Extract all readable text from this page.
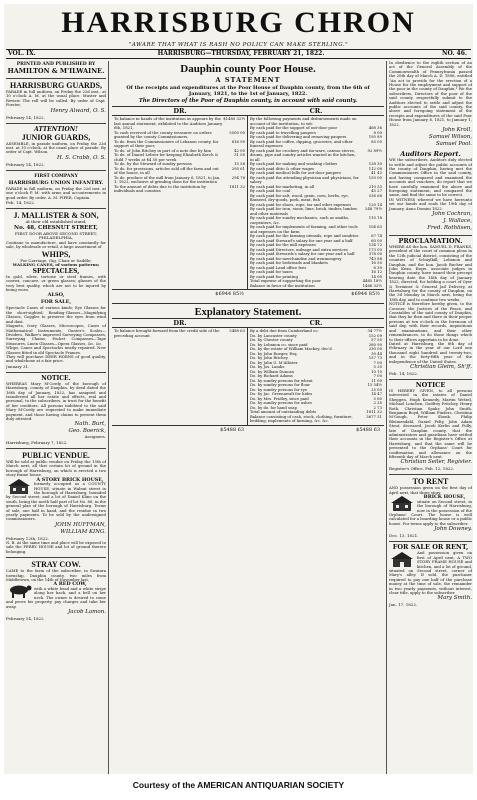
HARRISBURG CHRON
"AWARE THAT WHAT IS RASH NO POLICY CAN MAKE STERLING."
VOL. IX.	HARRISBURG—THURSDAY, FEBRUARY 21, 1822.	NO. 46.
PRINTED AND PUBLISHED BY
HAMILTON & M'ILWAINE.
HARRISBURG GUARDS,
PARADE in full uniform, on Friday the 22d inst., at 10 o'clock A. M. at the usual place. Muster and Review. The roll will be called. By order of Capt. Forster,
Henry Alward, O. S.
February 14, 1822.
ATTENTION!
JUNIOR GUARDS,
ASSEMBLE, in parade uniform, on Friday the 22d inst. at 10 o'clock, at the usual place of parade. By order of Capt. Wilson,
H. S. Crabb, O. S.
February 14, 1822.
FIRST COMPANY
HARRISBURG UNION INFANTRY.
PARADE in full uniform, on Friday the 22d inst. at one o'clock P. M. with arms and accoutrements in good order. By order, A. M. PIPER, Captain.
Feb. 14, 1822.
J. MALLISTER & SON,
At their old established stand,
No. 48, CHESNUT STREET,
FIRST DOOR ABOVE SECOND STREET, PHILADELPHIA,
Continue to manufacture, and have constantly for sale, by wholesale or retail, a large assortment of
WHIPS,
For Carriage, Gig, Chair or Saddle;
WALKING CANES, of various patterns;
SPECTACLES,
In gold, silver, tortoise or steel frames, with convex, concave, or green glasses; glasses of the very best quality, which are not to be injured by being worn.
ALSO,
FOR SALE,
Spectacle Cases of various kinds; Eye Glasses for the short-sighted, Reading-Glasses—Magnifying Glasses, Goggles to preserve the eyes from wind and dust.
Magnets, Ivory Glasses, Microscopes, Cases of Mathematical Instruments, Gunter's Scales—Dividers, Walker's improved Surveying Compasses, Surveying Chains, Pocket Compasses—Tape Measures, Linen Glasses—Opera Glasses, &c. &c.
Whips, Canes and Spectacles neatly repaired. New Glasses fitted in old Spectacle Frames.
They will purchase DEER HORNS of good quality, and whalebone at a fair price.
January 31.
NOTICE.
WHEREAS Mary M'Cordy, of the borough of Harrisburg, county of Dauphin, by deed dated the 16th day of January, 1822, has assigned and transferred all her estate and effects, real and personal, to the subscribers, in trust for the benefit of her creditors. All persons indebted to the said Mary M'Cordy are requested to make immediate payment, and those having claims to present them duly attested.
Nath. Burt,
Geo. Boerick,
Assignees.
Harrisburg, February 7, 1822.
PUBLIC VENDUE.
Will be sold at public vendue on Friday the 15th of March next, all that certain lot of ground in the borough of Harrisburg, on which is erected a two story frame house.
A STORY BRICK HOUSE,
formerly occupied as a COUNTY HOUSE, situate in Walnut street in the borough of Harrisburg, bounded by Second street, and a lot of Daniel Kline on the south, being the north half part of lot No. 86, in the general plan of the borough of Harrisburg. Terms of sale, one half in hand, and the residue in two yearly payments. To be sold by the undersigned commissioners.
JOHN HUFFMAN,
WILLIAM KING.
February 12th, 1822.
N. B. At the same time and place will be exposed to sale the FERRY HOUSE and lot of ground thereto belonging.
STRAY COW.
CAME to the farm of the subscriber, in Swatara township, Dauphin county, two miles from Middletown, on the 14th of November last,
A RED COW,
with a white head and a white stripe along her back, and a bell on her neck. The owner is desired to come and prove his property, pay charges and take her away.
Jacob Lamon.
February 14, 1822
Dauphin county Poor House.
A STATEMENT
Of the receipts and expenditures at the Poor House of Dauphin county, from the 6th of January, 1821, to the 1st of January, 1822.
The Directors of the Poor of Dauphin county, in account with said county.
DR.	CR.
To balance in hands of the institution as appears by the last annual statement, exhibited to the Auditors January 6th, 1821,
$1485 32½
To cash received of the county treasurer on orders granted by the county Commissioners,
5500 00
To do. from the Commissioners of Lebanon county, for support of their poor,
616 90
To do. of John Ritchey in part of a note due by him	42 00
To do. of Daniel Lebrer for keeping Elizabeth Kerch & child 7 weeks at $4 50 per week
31 50
To do. by the Steward of sundry persons	15 56
To do. for provisions, articles sold off the farm and out of the house, in all
295 61
To do. produce of the mill from January 6, 1821, to Jan. 1, 1822, exclusive of grinding done for the institution
294 76
To the amount of debts due to the institution by individuals and counties
1811 32
By the following payments and disbursements made on account of the institution, to wit:
By cash paid for the support of out-door poor	468 36
By cash paid to travelling paupers	8 00
By cash paid for delivering and removing paupers	195 89
By cash paid for coffee, dipping, groceries, and other funeral expenses
85 00
By cash paid for crockery and tin-ware, canvas stoves, drums, pipe and sundry articles wanted in the kitchen, in all
92 89½
By cash paid for making and washing clothes	128 30
By cash paid ditto & other wages	112 08
By cash paid medical bills for out-door paupers	41 43
By cash paid the attending physician and physicians, for salary
150 00
By cash paid for marketing, in all	210 33
By cash paid for coal	45 27
By cash paid for salt, wood, grain, corn, herbs, rye, flaxseed, dry-goods, pork, meat, fish
536 68
By cash paid for shoes, rope, tar and other expenses	120 14
By cash paid for iron, stone, lime, brick, timber, lumber, and other materials
248 79½
By cash paid for sundry mechanics, such as smiths, carpenters, &c.
110 18
By cash paid for implements of farming, and other tools and expenses on the farm
104 63
By cash paid for the farming utensils, rope and sundries	67 74
By cash paid Steward's salary for one year and a half	60 00
By cash paid for the mill expenses	134 72
By cash paid Directors, mileage and extra services	173 00
By cash paid Stewards's salary for one year and a half	378 00
By cash paid for merchandise and ironmongery	743 88
By cash paid for bedsteads and blankets	16 50
By cash paid Land office fees	6 30
By cash paid for taxes	16 12
By cash paid for printing	14 00
Total expense of supporting the poor	4465 18½
Balance in favor of the institution	1466 32½
$6944 85½	$6944 85½
Explanatory Statement.
DR.	CR.
To balance brought forward from the credit side of the preceding account.
5488 63 By a debt due from Cumberland co.	34 77½
Do. by Lancaster county	152 09
Do. by Chester county	57 50
Do. by Lebanon co. since paid	280 90
Do. by the estate of William Mackey, dec'd.	230 00
Do. by John Rueger, Esq.	30 44
Do. by John Ritchey	157 73
Do. by John G. M'Allister	7 00
Do. by Jos. Landis	5 20
Do. by William Duncan	10 10
Do. by Richard Adams	7 00
Do. by sundry persons for wheat	11 00
Do. by sundry persons for flour	15 54½
Do. by sundry persons for rye	25 00
Do. by Jac. Greenawalt for hides	14 47
Do. by Mrs. Fridley, since paid	5 60
Do. by sundry persons for ashes	2 25
Do. by do. for hand soap	2 73
Total amount of outstanding debts	1811 32
Balance consisting of cash, stock, clothing, furniture, bedding, implements of farming, &c. &c.
3677 31
$5488 63	$5488 63
In obedience to the eighth section of an act of the General Assembly of the Commonwealth of Pennsylvania passed the 20th day of March A. D. 1806, entitled "An act to provide for the erection of a House for the employment and support of the poor in the county of Dauphin," We the subscribers, Directors of the poor of the said county respectfully submit to the Auditors elected to settle and adjust the public accounts of the said county, the above and foregoing statement of the receipts and expenditures of the said Poor House from January 6, 1821, to January 1, 1822.
John Kroll,
Samuel Wilson,
Samuel Pool.
Auditors Report.
WE the subscribers, Auditors duly elected to settle and adjust the public accounts of the county of Dauphin, having met the Commissioners Office in the said county, and having compared and examined the accounts and vouchers, do report that we have carefully examined the above and foregoing statement, and compared the same, and find the same to be correct.
IN WITNESS whereof we have hereunto set our hands and seals the 19th day of January, Anno Domini 1822.
John Cochran,
J. Wallace,
Fred. Rothlisen,
PROCLAMATION.
WHERE AS the hon. SAMUEL D. FRANKS, president of the court of common pleas in the 12th judicial district, consisting of the counties of Schuylkill, Lebanon and Dauphin, and the hon. Jacob Bucher and John Kean, Esqrs. associate judges in Dauphin county, have issued their precept bearing date the 14th day of January 1822, directed, for holding a court of Oyer & Terminer & General Jail Delivery, at Harrisburg for the county of Dauphin, on the 3d Monday in March next, being the 18th day, and to continue two weeks.
NOTICE is therefore hereby given, to the Coroner, the Justices of the Peace, and Constables of the said county of Dauphin, that they be then and there in their proper persons at ten o'clock in the forenoon of said day, with their records, inquisitions and examinations, and their other remembrances, to do those things which to their offices appertain to be done.
Dated at Harrisburg, the 8th day of February in the year of our Lord one thousand eight hundred and twenty-two, and in the forty-fifth year of the independence of the United States.
Christian Gleim, Sh'ff.
Feb. 14, 1822.
NOTICE
IS HEREBY GIVEN, to all persons interested in the estates of Daniel Sheggen, Hugh Kennedy, Martin Wetzel, Michael Lonchen, Godfrey Fritchey, Henry Roth, Christian Spahr, John Smith, Benjamin Boyd, William Pinders, Christina M'Gough, Peter Shenk, Philip Bleimendahl, Daniel Felty, John Adam Stout, deceased, Jacob Kerlin and Polly, late of Dauphin county, that the administrators and guardians have settled their accounts in the Register's Office at Harrisburg, and that the same will be presented to the Orphans' Court for confirmation and allowance on the fifteenth day of March next.
Christian Seiler, Register.
Register's Office, Feb. 12, 1822.
TO RENT
AND possession given on the first day of April next, that three story
BRICK HOUSE,
situate on Second street, in the borough of Harrisburg, now in the possession of the Orphans' Court. The house is well calculated for a boarding house or a public house. For terms apply to the subscriber.
John Downey.
Dec. 13, 1821.
FOR SALE OR RENT,
And possession given on first of April next, A TWO STORY FRAME HOUSE and kitchen, and a lot of ground, situated on Second street, corner of Mary's alley. If sold, the purchaser required to pay one half of the purchase money at the time of sale, the remainder in two yearly payments, without interest, clear title, apply to the subscriber.
Mary Smith.
Jan. 17, 1822.
Courtesy of the AMERICAN ANTIQUARIAN SOCIETY
